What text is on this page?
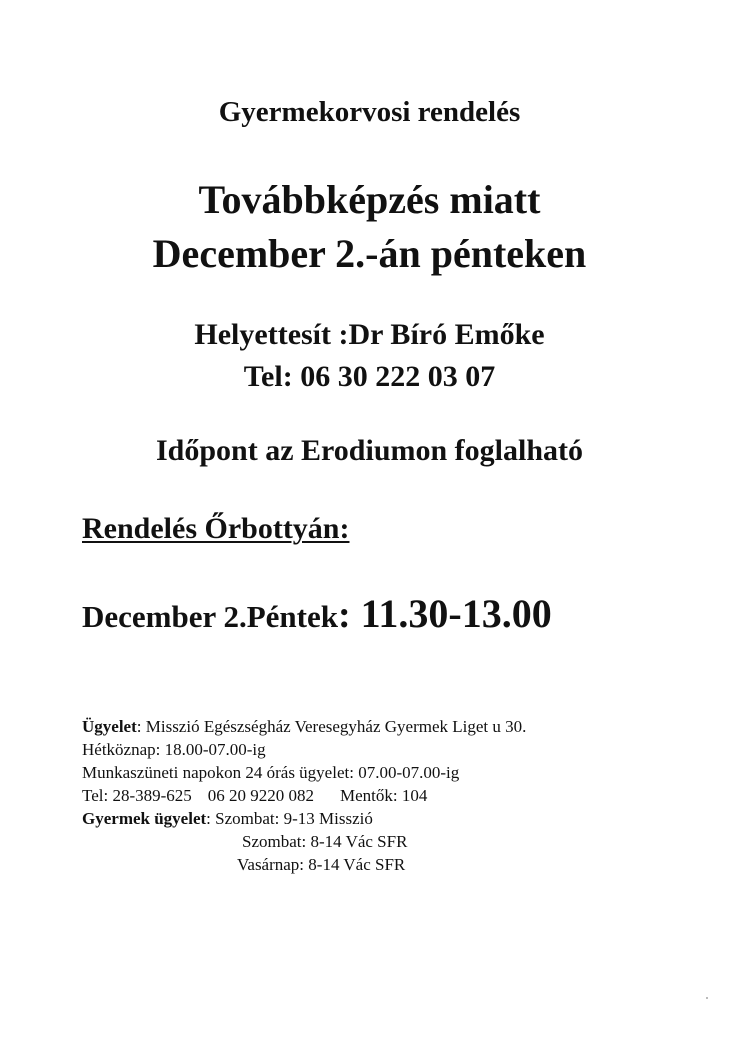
Gyermekorvosi rendelés
Továbbképzés miatt
December 2.-án pénteken
Helyettesít :Dr Bíró Emőke
Tel: 06 30 222 03 07
Időpont az Erodiumon foglalható
Rendelés Őrbottyán:
December 2.Péntek: 11.30-13.00
Ügyelet: Misszió Egészségház Veresegyház Gyermek Liget u 30.
Hétköznap: 18.00-07.00-ig
Munkaszüneti napokon 24 órás ügyelet: 07.00-07.00-ig
Tel: 28-389-625 06 20 9220 082 Mentők: 104
Gyermek ügyelet: Szombat: 9-13 Misszió
Szombat: 8-14 Vác SFR
Vasárnap: 8-14 Vác SFR
